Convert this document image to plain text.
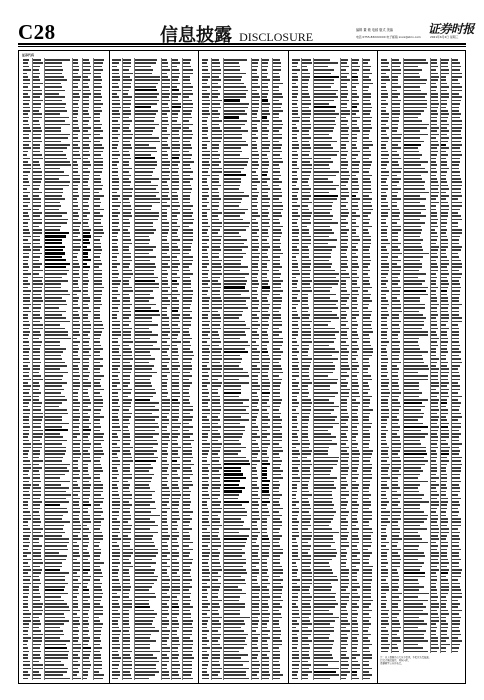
C28	信息披露 DISCLOSURE	编辑 董 敏 电邮 版式 美编
电话 0755-83XXXXXX 电子邮箱 xxxx@stcn.com
证券时报
2021年6月2日 星期三
证券代码
注：以上数据由有关各方提供，本报仅负责披露。
投资者据此操作，风险自担。
数据截至公告日收盘。
